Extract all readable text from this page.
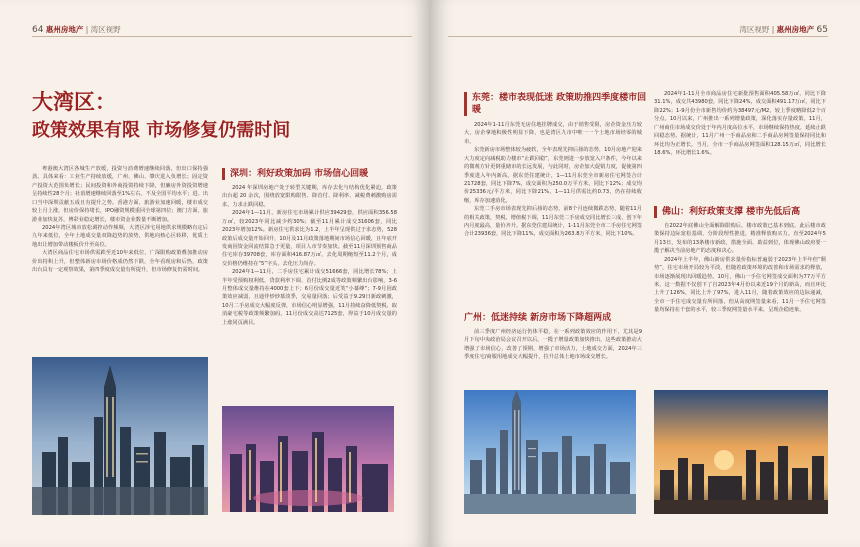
64 惠州房地产 | 湾区视野
大湾区：
政策效果有限 市场修复仍需时间

粤港澳大湾区各城生产放缓，投资与消费增速继续回落，但出口保持强劲。具体来看：工业生产持续放缓，广州、佛山、肇庆进入负增长；固定资产投资大范围负增长；民间投资和外商投资持续下降，但廉房外资投资增速呈持续性28个月；社消增速继续回落至1%左右，不及全国平均水平；进、出口当中深圳贡献五成且有提升之势。香港方面，旅游业加速回暖，楼市成交较上月上涨，但房价保持堵长，IPO融资规模重回全球第四位；澳门方面，旅游业加快复苏，博彩业稳定增长，楼市资金业数量不断增加。

2024年湾区城市放松调控动作频频，大湾区涉宅用地供求规模略有定后九年来低位，全年土地成交量双降趋势的放势，供地向核心区转移，优质土地出让增加带动楼板价升至高位。

大湾区商品住宅市场供需跌至近10年来低位，广深限购政策叠加推动房价出持积上升，但整体新房市场价格成仍然下跌，全年看现房和后热，政策出台具有一定观察效果，第四季度成交量有所提升，但市场修复仍需时间。

深圳：利好政策加码 市场信心回暖

2024 年深圳房地产处于转型关键期，库存去化与结构优化紧迫，政策出台超 20 余次，围绕放宽限购限售、降首付、降利率、减税费刺激购房需求，力求止跌回稳。

2024年1—11月，新房住宅市场累计供应39429套，供应面积356.58万㎡，较2023年同比减少约30%；截至11月累计成交31606套，同比2023年增加12%。新房住宅供求比为1.2，上半年呈现供过于求态势，528政策后成交量开始回升，10月及11月政策落地期间市场信心回暖，且年底开发商因资金回流结算急于更量，项目人市节奏加快。截至11月深圳预售商品住宅库存39708套，库存面积416.87万㎡，去化周期缩短至11.2个月，成交价格仍维持在“5”字头，去化压力尚存。

2024年1—11月，二手房住宅累计成交51666套，同比增长78%；上半年受预购权利低，贷款利率下调、首付比例2成等政策频繁出台影响，3-6月整体成交量维持在4000套上下；6月份成交量近笑“小幕峰”；7-9月因政策效应减弱，且通伴炒炒慕淡季，交易量回落；后受益于9.29日新政刺激，10月二手房成交大幅度反弹，市场信心明显增强，11月持续奋降低契税、取消豪宅税等政策频繁加码，11月份成交高达7125套，得益于10月成交量的上涨同页满目。

湾区视野 | 惠州房地产 65
东莞：楼市表现低迷 政策助推四季度楼市回暖

2024年1-11月东莞无房住地挂牌成交，由于销售受阻，房企资金压力较大，房企拿地积极性明显下降，也是湾区九市中唯一一个土地市场经零的城市。

东莞新房市场整体较为疲软，全年表现先抑后扬的态势，10月房地产迎来大力度定向减税助力楼市“止跌回稳”，东莞则进一步放宽入户条件，今年以来的微观方针更倒重储市的长远发展，与此同时，房企加大促销力度，促使第四季度进入年内新高。据东莞住建统计，1—11月东莞全市新房住宅网签合计21728套，同比下降7%，成交面积为250.0万平方米，同比下12%；成交均价25336元/平方米，同比下降21%，1—11月供需比约0.73，仍在持续收缩，库存加速消化。

东莞二手房市场表现先抑后扬的态势，前8个月连续微跌态势，随着11月的相关政策，契税、增值税下调，11月东莞二手房成交同比增长三成，创下年内月度最高，量价齐升。据东莞住建局统计，1-11月东莞全市二手房住宅网签合计23936套，同比下降11%，成交面积为263.8万平方米，同比下10%。

广州：低迷持续 新房市场下降超两成

前三季度广州经济运行仍体平稳，在一系列政策效应的作用下，尤其是9月下旬中央政治局会议召开以后，一揽子增量政策加快推出，这些政策推动大增强了市场信心，改善了预期，增强了市场活力，土地成交方面，2024年三季度住宅/商服用地成交大幅提升，拉升总体土地市场成交增长。

2024年1-11月全市商品房住宅新批预售面积405.58万㎡，同比下降31.1%，成交共43980套，同比下降24%，成交面积491.17万㎡，同比下降22%；1-9月份全市新售均价约为38497元/M2，较上季度略降低2个百分点。10月以来，广州推出一系列增量政策，深化落实存量政策。11月，广州商住市场成交价处于年内月度高位水平，市场继续保持热度，延续止跌回稳态势。据统计，11月广州一手商品房和二手商品房网签量保持同比和环比均为正增长。当月，全市一手商品房网签面积128.15万㎡，同比增长18.6%，环比增长1.6%。

佛山：利好政策支撑 楼市先低后高

自2022年底佛山全面解除限购后，楼市政策已基本到底。此后楼市政策保持边际宽松基调，分阶段理性推进，精准释放购买力。直至2024年5月13日，发布的13条楼市新政，措施全面、助益到位，体现佛山政府要一揽子解决当前房地产的态度和决心。

2024年上半年，佛山新房供求量价指标普遍弱于2023年上半年但“颓势”，住宅市场开局较为平淡，但随着政策环境的改善和市场需求的释放，市场逐渐展现出回暖趋势。10月，佛山一手住宅网签成交面积为77万平方米，这一数据不仅创下了自2023年4月份以来近19个月的新高，而且环比上升了126%，同比上升了97%，进入11月，随着政策效应的边际递减，全市一手住宅成交量有所回落，但从高度网签量来看，11月一手住宅网签量均保持在千套的水平，较三季度网签量水平来，呈现企稳迹象。
